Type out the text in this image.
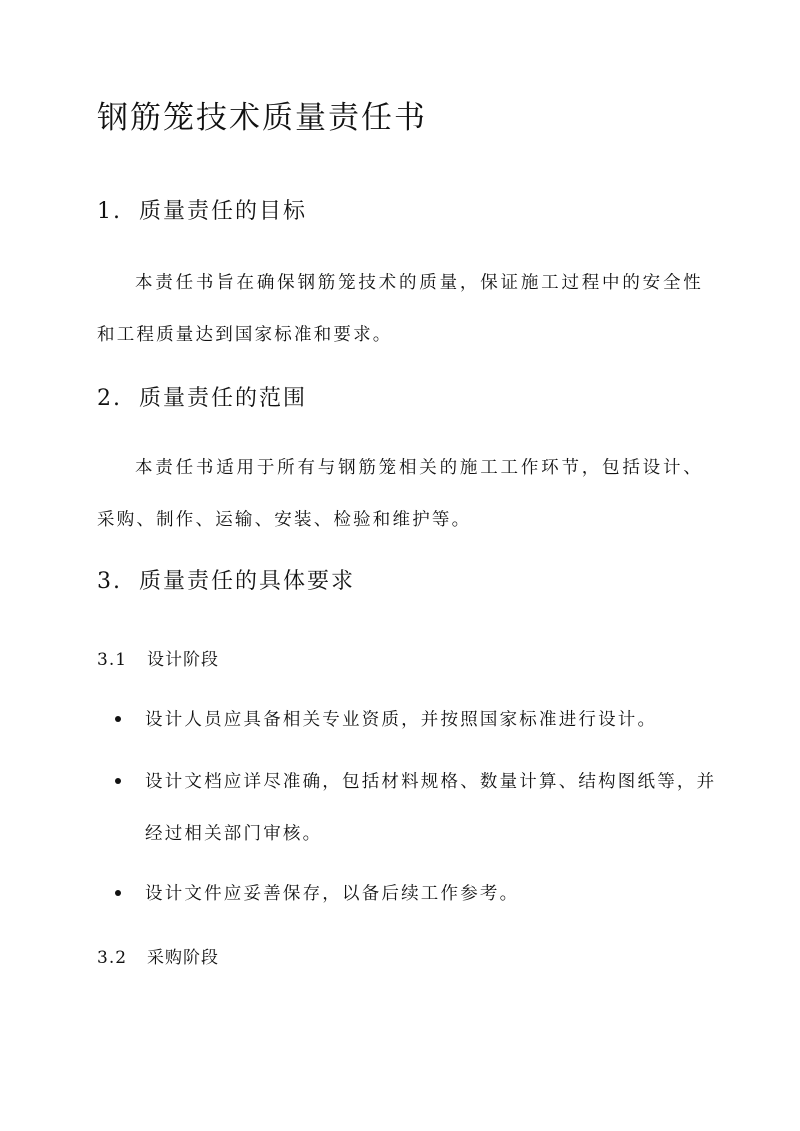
钢筋笼技术质量责任书
1. 质量责任的目标

本责任书旨在确保钢筋笼技术的质量，保证施工过程中的安全性和工程质量达到国家标准和要求。

2. 质量责任的范围

本责任书适用于所有与钢筋笼相关的施工工作环节，包括设计、采购、制作、运输、安装、检验和维护等。

3. 质量责任的具体要求
3.1 设计阶段
设计人员应具备相关专业资质，并按照国家标准进行设计。
设计文档应详尽准确，包括材料规格、数量计算、结构图纸等，并经过相关部门审核。
设计文件应妥善保存，以备后续工作参考。
3.2 采购阶段
